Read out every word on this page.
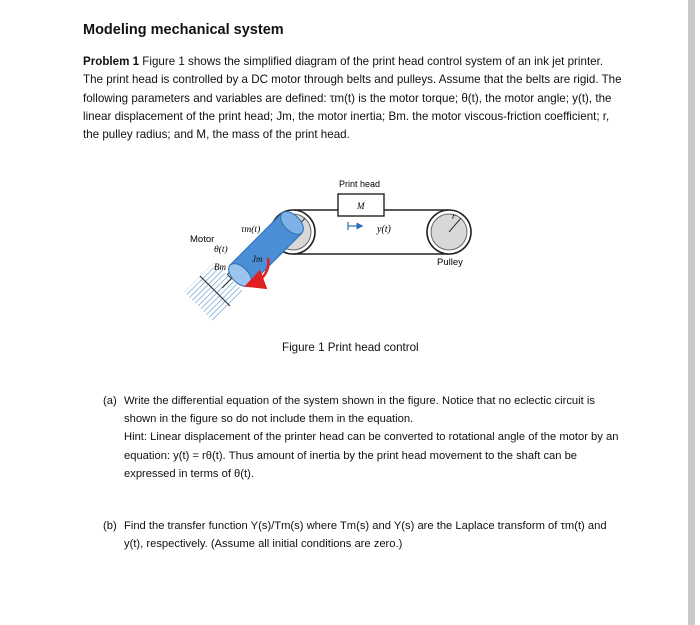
Modeling mechanical system
Problem 1 Figure 1 shows the simplified diagram of the print head control system of an ink jet printer. The print head is controlled by a DC motor through belts and pulleys. Assume that the belts are rigid. The following parameters and variables are defined: τm(t) is the motor torque; θ(t), the motor angle; y(t), the linear displacement of the print head; Jm, the motor inertia; Bm. the motor viscous-friction coefficient; r, the pulley radius; and M, the mass of the print head.
r
Print head
M
y(t)
Pulley
Jm
Motor
τm(t)
θ(t)
Bm
Figure 1 Print head control
(a) Write the differential equation of the system shown in the figure. Notice that no eclectic circuit is shown in the figure so do not include them in the equation.
Hint: Linear displacement of the printer head can be converted to rotational angle of the motor by an equation: y(t) = rθ(t). Thus amount of inertia by the print head movement to the shaft can be expressed in terms of θ(t).
(b) Find the transfer function Y(s)/Tm(s) where Tm(s) and Y(s) are the Laplace transform of τm(t) and y(t), respectively. (Assume all initial conditions are zero.)
